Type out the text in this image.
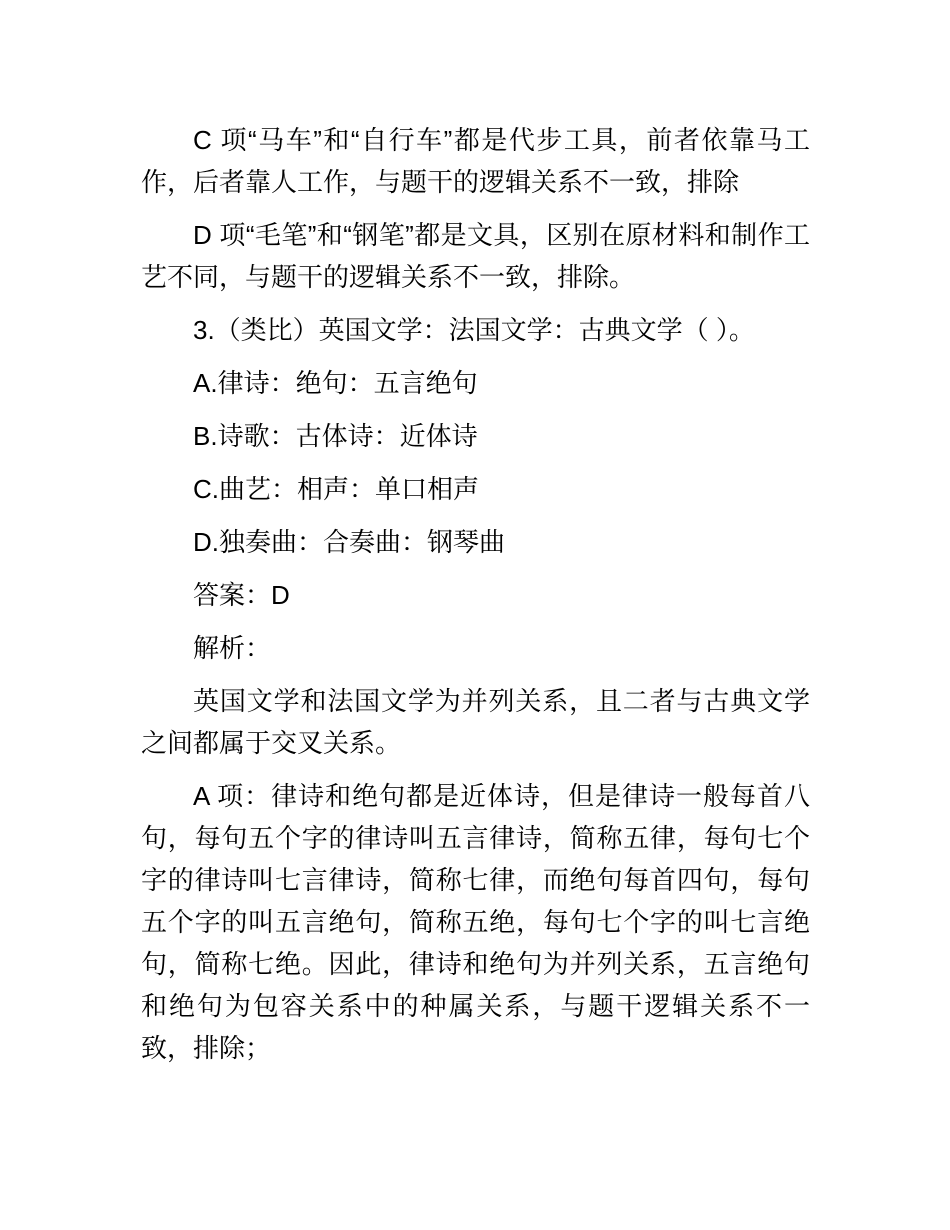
C 项“马车”和“自行车”都是代步工具，前者依靠马工作，后者靠人工作，与题干的逻辑关系不一致，排除

D 项“毛笔”和“钢笔”都是文具，区别在原材料和制作工艺不同，与题干的逻辑关系不一致，排除。

3.（类比）英国文学：法国文学：古典文学（ ）。

A.律诗：绝句：五言绝句

B.诗歌：古体诗：近体诗

C.曲艺：相声：单口相声

D.独奏曲：合奏曲：钢琴曲

答案：D

解析：

英国文学和法国文学为并列关系，且二者与古典文学之间都属于交叉关系。

A 项：律诗和绝句都是近体诗，但是律诗一般每首八句，每句五个字的律诗叫五言律诗，简称五律，每句七个字的律诗叫七言律诗，简称七律，而绝句每首四句，每句五个字的叫五言绝句，简称五绝，每句七个字的叫七言绝句，简称七绝。因此，律诗和绝句为并列关系，五言绝句和绝句为包容关系中的种属关系，与题干逻辑关系不一致，排除；
